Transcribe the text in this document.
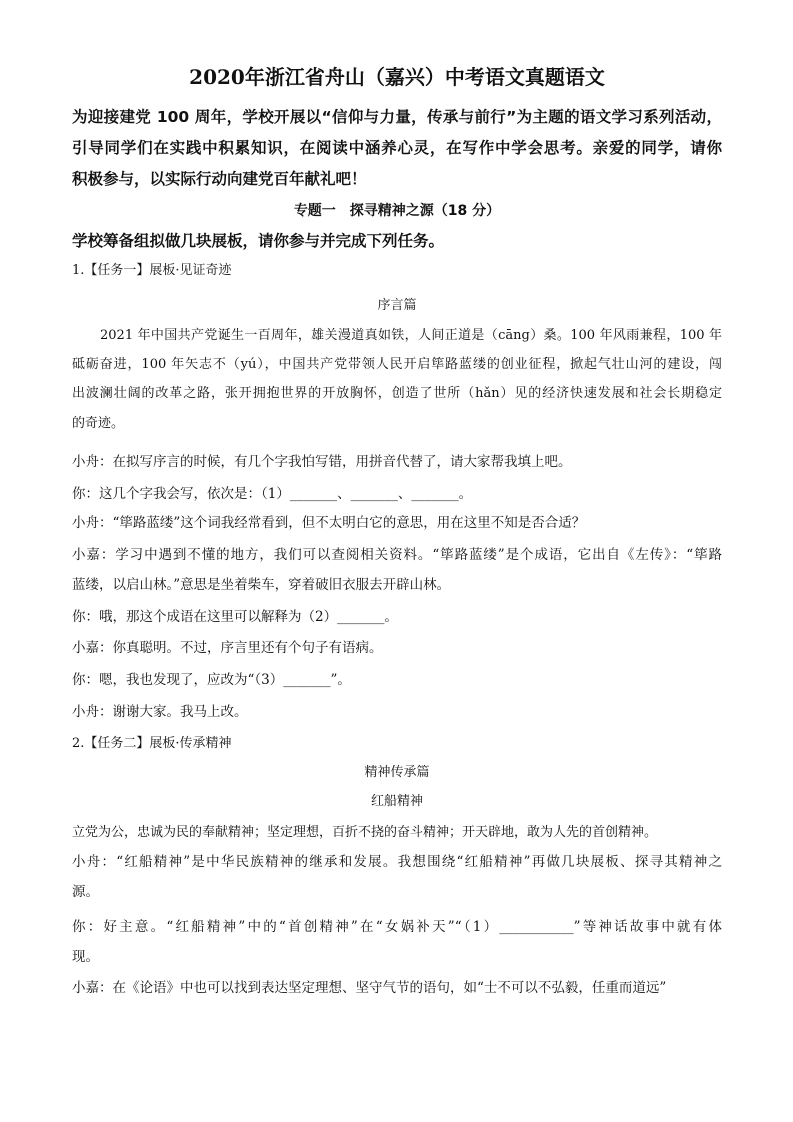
2020年浙江省舟山（嘉兴）中考语文真题语文
为迎接建党 100 周年，学校开展以“信仰与力量，传承与前行”为主题的语文学习系列活动，
引导同学们在实践中积累知识，在阅读中涵养心灵，在写作中学会思考。亲爱的同学，请你
积极参与，以实际行动向建党百年献礼吧！
专题一　探寻精神之源（18 分）
学校筹备组拟做几块展板，请你参与并完成下列任务。
1.【任务一】展板·见证奇迹
序言篇
2021 年中国共产党诞生一百周年，雄关漫道真如铁，人间正道是（cāng）桑。100 年风雨兼程，100 年
砥砺奋进，100 年矢志不（yú），中国共产党带领人民开启筚路蓝缕的创业征程，掀起气壮山河的建设，闯
出波澜壮阔的改革之路，张开拥抱世界的开放胸怀，创造了世所（hǎn）见的经济快速发展和社会长期稳定
的奇迹。
小舟：在拟写序言的时候，有几个字我怕写错，用拼音代替了，请大家帮我填上吧。
你：这几个字我会写，依次是：（1）_______、_______、_______。
小舟：“筚路蓝缕”这个词我经常看到，但不太明白它的意思，用在这里不知是否合适？
小嘉：学习中遇到不懂的地方，我们可以查阅相关资料。“筚路蓝缕”是个成语，它出自《左传》：“筚路
蓝缕，以启山林。”意思是坐着柴车，穿着破旧衣服去开辟山林。
你：哦，那这个成语在这里可以解释为（2）_______。
小嘉：你真聪明。不过，序言里还有个句子有语病。
你：嗯，我也发现了，应改为“（3）_______”。
小舟：谢谢大家。我马上改。
2.【任务二】展板·传承精神
精神传承篇
红船精神
立党为公，忠诚为民的奉献精神；坚定理想，百折不挠的奋斗精神；开天辟地，敢为人先的首创精神。
小舟：“红船精神”是中华民族精神的继承和发展。我想围绕“红船精神”再做几块展板、探寻其精神之
源。
你：好主意。“红船精神”中的“首创精神”在“女娲补天”“（1）___________”等神话故事中就有体
现。
小嘉：在《论语》中也可以找到表达坚定理想、坚守气节的语句，如“士不可以不弘毅，任重而道远”
